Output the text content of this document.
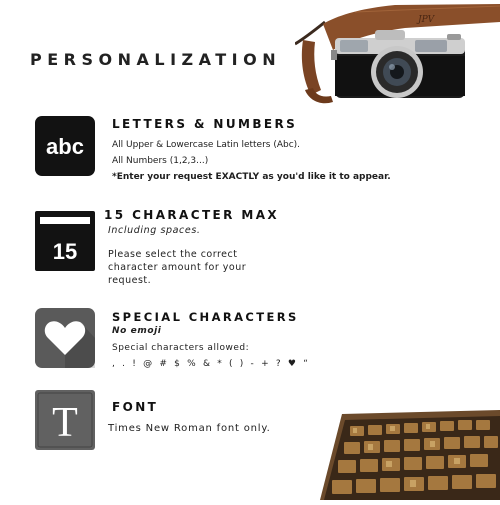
JPV
PERSONALIZATION
abc
LETTERS & NUMBERS
All Upper & Lowercase Latin letters (Abc).
All Numbers (1,2,3...)
*Enter your request EXACTLY as you'd like it to appear.
15
15 CHARACTER MAX
Including spaces.
Please select the correct
character amount for your
request.
SPECIAL CHARACTERS
No emoji
Special characters allowed:
, . ! @ # $ % & * ( ) - + ? ♥ “
T	FONT
Times New Roman font only.
